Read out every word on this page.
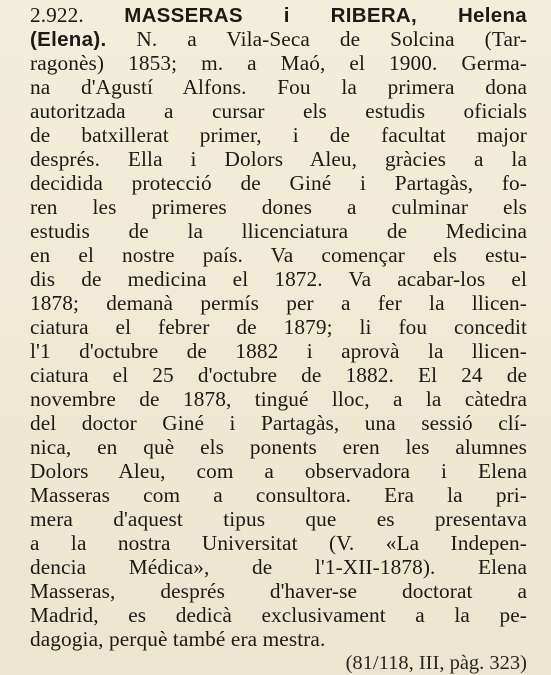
2.922. MASSERAS i RIBERA, Helena
(Elena). N. a Vila-Seca de Solcina (Tar-
ragonès) 1853; m. a Maó, el 1900. Germa-
na d'Agustí Alfons. Fou la primera dona
autoritzada a cursar els estudis oficials
de batxillerat primer, i de facultat major
després. Ella i Dolors Aleu, gràcies a la
decidida protecció de Giné i Partagàs, fo-
ren les primeres dones a culminar els
estudis de la llicenciatura de Medicina
en el nostre país. Va començar els estu-
dis de medicina el 1872. Va acabar-los el
1878; demanà permís per a fer la llicen-
ciatura el febrer de 1879; li fou concedit
l'1 d'octubre de 1882 i aprovà la llicen-
ciatura el 25 d'octubre de 1882. El 24 de
novembre de 1878, tingué lloc, a la càtedra
del doctor Giné i Partagàs, una sessió clí-
nica, en què els ponents eren les alumnes
Dolors Aleu, com a observadora i Elena
Masseras com a consultora. Era la pri-
mera d'aquest tipus que es presentava
a la nostra Universitat (V. «La Indepen-
dencia Médica», de l'1-XII-1878). Elena
Masseras, després d'haver-se doctorat a
Madrid, es dedicà exclusivament a la pe-
dagogia, perquè també era mestra.
(81/118, III, pàg. 323)
